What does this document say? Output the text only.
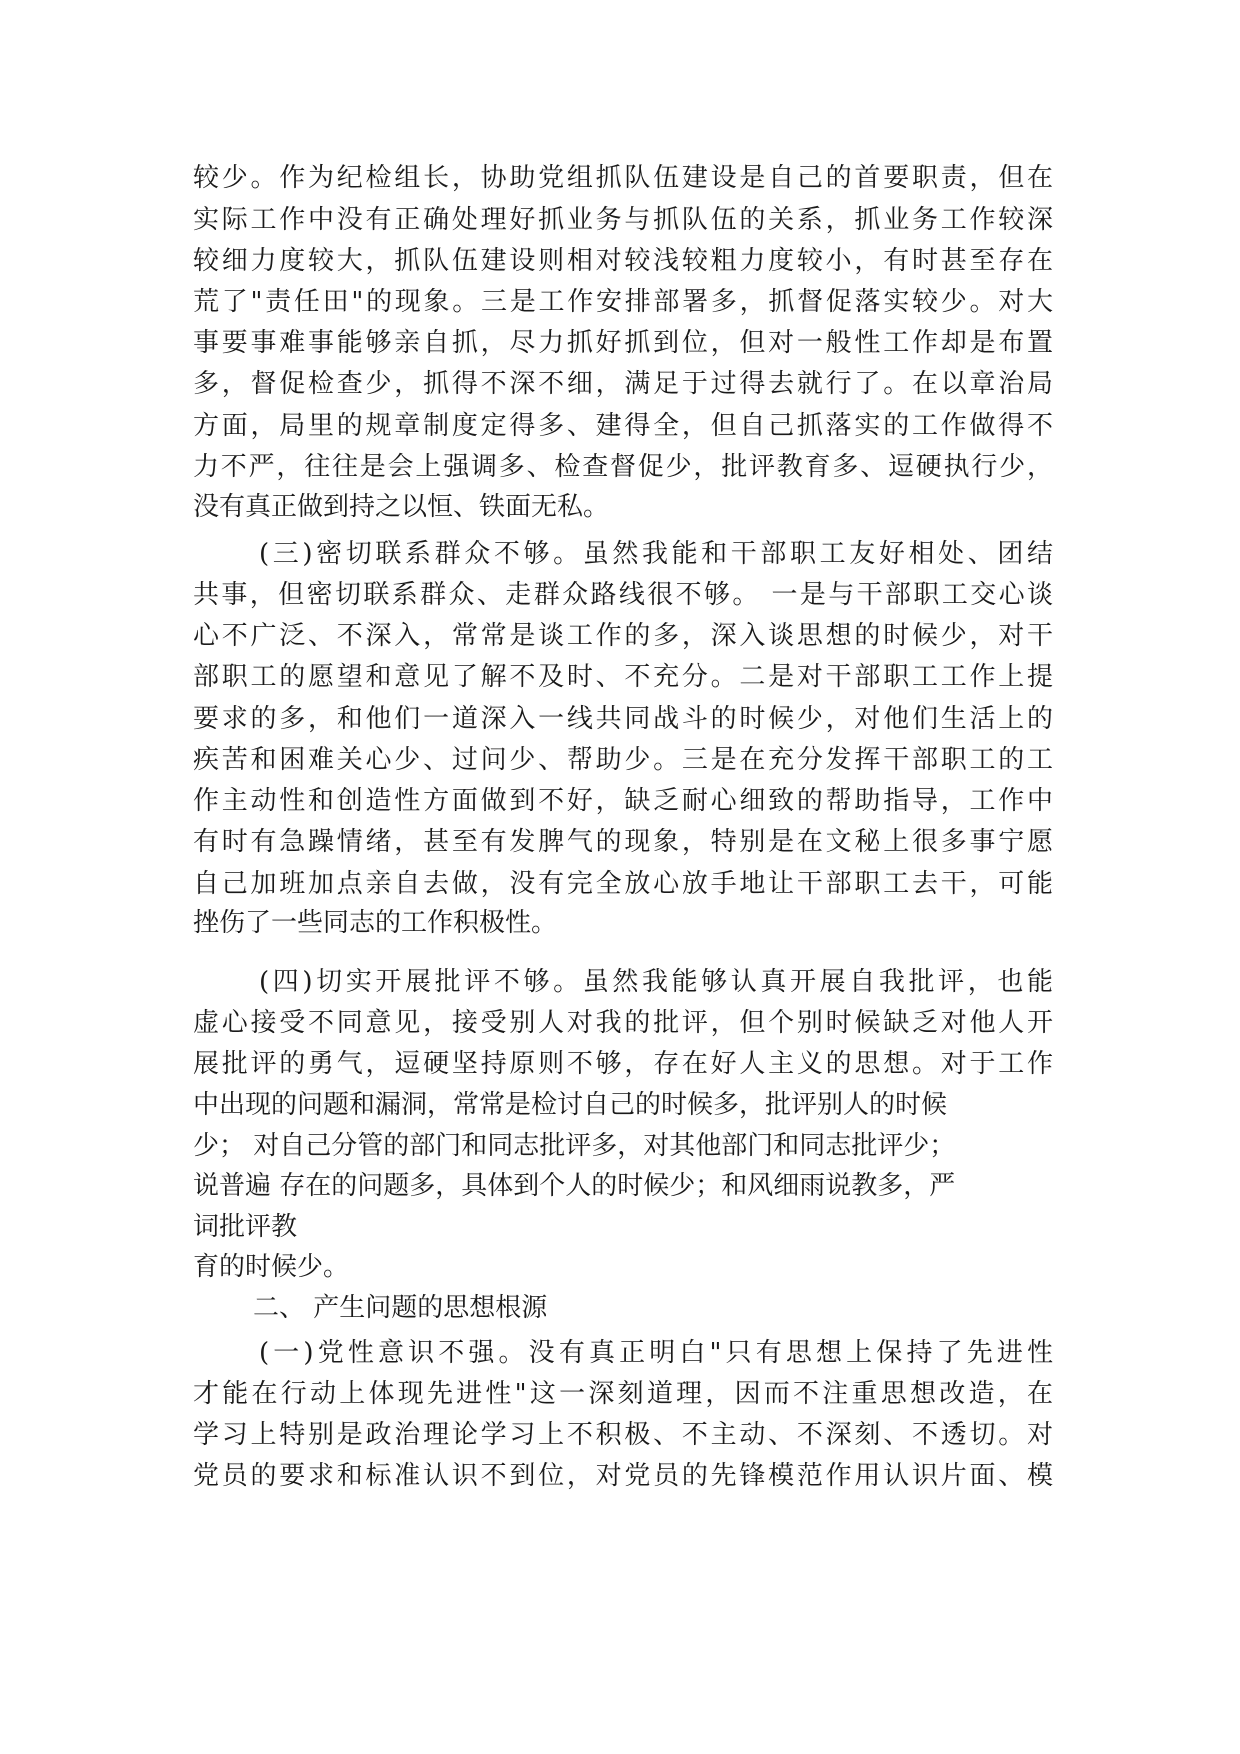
较少。作为纪检组长，协助党组抓队伍建设是自己的首要职责，但在
实际工作中没有正确处理好抓业务与抓队伍的关系，抓业务工作较深
较细力度较大，抓队伍建设则相对较浅较粗力度较小，有时甚至存在
荒了"责任田"的现象。三是工作安排部署多，抓督促落实较少。对大
事要事难事能够亲自抓，尽力抓好抓到位，但对一般性工作却是布置
多，督促检查少，抓得不深不细，满足于过得去就行了。在以章治局
方面，局里的规章制度定得多、建得全，但自己抓落实的工作做得不
力不严，往往是会上强调多、检查督促少，批评教育多、逗硬执行少，
没有真正做到持之以恒、铁面无私。
(三)密切联系群众不够。虽然我能和干部职工友好相处、团结
共事，但密切联系群众、走群众路线很不够。 一是与干部职工交心谈
心不广泛、不深入，常常是谈工作的多，深入谈思想的时候少，对干
部职工的愿望和意见了解不及时、不充分。二是对干部职工工作上提
要求的多，和他们一道深入一线共同战斗的时候少，对他们生活上的
疾苦和困难关心少、过问少、帮助少。三是在充分发挥干部职工的工
作主动性和创造性方面做到不好，缺乏耐心细致的帮助指导，工作中
有时有急躁情绪，甚至有发脾气的现象，特别是在文秘上很多事宁愿
自己加班加点亲自去做，没有完全放心放手地让干部职工去干，可能
挫伤了一些同志的工作积极性。
(四)切实开展批评不够。虽然我能够认真开展自我批评，也能
虚心接受不同意见，接受别人对我的批评，但个别时候缺乏对他人开
展批评的勇气，逗硬坚持原则不够，存在好人主义的思想。对于工作
中出现的问题和漏洞，常常是检讨自己的时候多，批评别人的时候
少； 对自己分管的部门和同志批评多，对其他部门和同志批评少；
说普遍 存在的问题多，具体到个人的时候少；和风细雨说教多，严
词批评教
育的时候少。
二、 产生问题的思想根源
(一)党性意识不强。没有真正明白"只有思想上保持了先进性
才能在行动上体现先进性"这一深刻道理，因而不注重思想改造，在
学习上特别是政治理论学习上不积极、不主动、不深刻、不透切。对
党员的要求和标准认识不到位，对党员的先锋模范作用认识片面、模
